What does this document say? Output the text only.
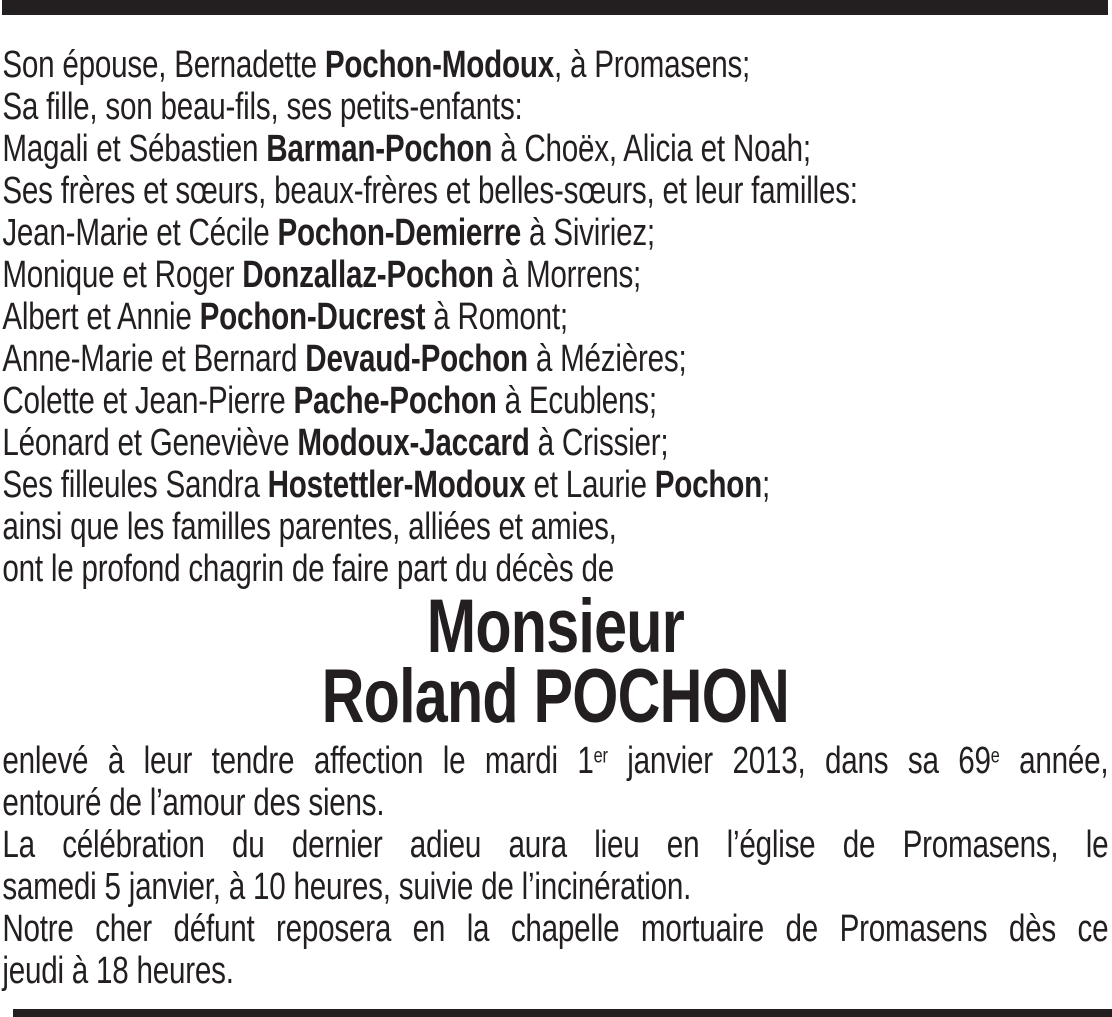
Son épouse, Bernadette Pochon-Modoux, à Promasens;
Sa fille, son beau-fils, ses petits-enfants:
Magali et Sébastien Barman-Pochon à Choëx, Alicia et Noah;
Ses frères et sœurs, beaux-frères et belles-sœurs, et leur familles:
Jean-Marie et Cécile Pochon-Demierre à Siviriez;
Monique et Roger Donzallaz-Pochon à Morrens;
Albert et Annie Pochon-Ducrest à Romont;
Anne-Marie et Bernard Devaud-Pochon à Mézières;
Colette et Jean-Pierre Pache-Pochon à Ecublens;
Léonard et Geneviève Modoux-Jaccard à Crissier;
Ses filleules Sandra Hostettler-Modoux et Laurie Pochon;
ainsi que les familles parentes, alliées et amies,
ont le profond chagrin de faire part du décès de
Monsieur
Roland POCHON
enlevé à leur tendre affection le mardi 1er janvier 2013, dans sa 69e année,
entouré de l’amour des siens.
La célébration du dernier adieu aura lieu en l’église de Promasens, le
samedi 5 janvier, à 10 heures, suivie de l’incinération.
Notre cher défunt reposera en la chapelle mortuaire de Promasens dès ce
jeudi à 18 heures.
